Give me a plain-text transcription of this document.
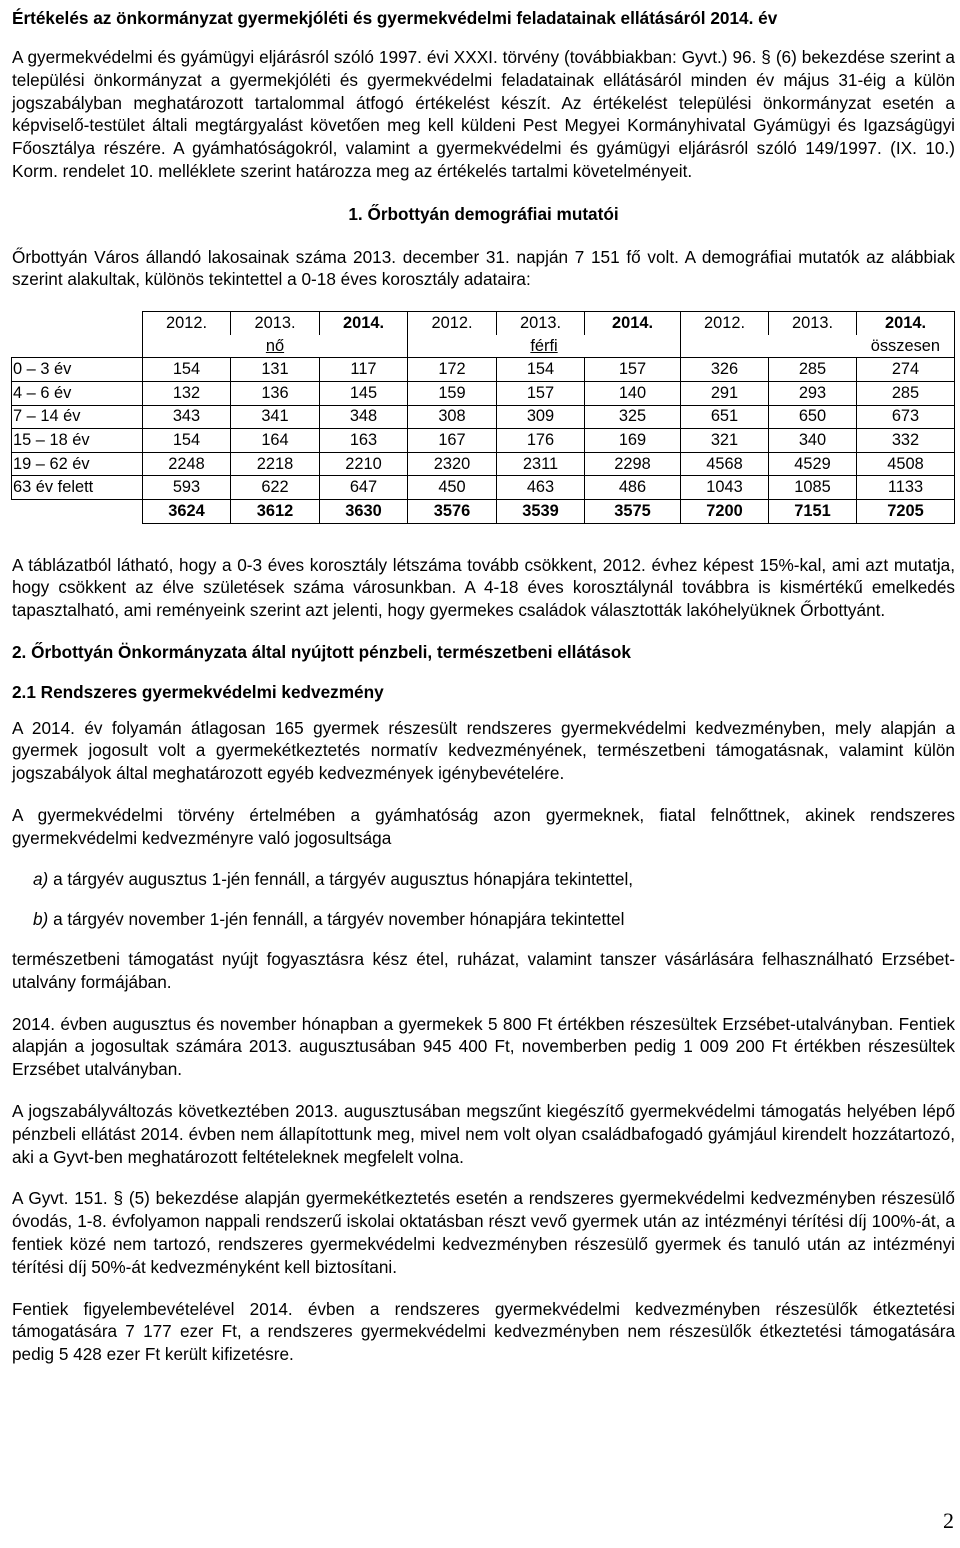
Értékelés az önkormányzat gyermekjóléti és gyermekvédelmi feladatainak ellátásáról 2014. év

A gyermekvédelmi és gyámügyi eljárásról szóló 1997. évi XXXI. törvény (továbbiakban: Gyvt.) 96. § (6) bekezdése szerint a települési önkormányzat a gyermekjóléti és gyermekvédelmi feladatainak ellátásáról minden év május 31-éig a külön jogszabályban meghatározott tartalommal átfogó értékelést készít. Az értékelést települési önkormányzat esetén a képviselő-testület általi megtárgyalást követően meg kell küldeni Pest Megyei Kormányhivatal Gyámügyi és Igazságügyi Főosztálya részére. A gyámhatóságokról, valamint a gyermekvédelmi és gyámügyi eljárásról szóló 149/1997. (IX. 10.) Korm. rendelet 10. melléklete szerint határozza meg az értékelés tartalmi követelményeit.

1. Őrbottyán demográfiai mutatói

Őrbottyán Város állandó lakosainak száma 2013. december 31. napján 7 151 fő volt. A demográfiai mutatók az alábbiak szerint alakultak, különös tekintettel a 0-18 éves korosztály adataira:

	2012.	2013.	2014.	2012.	2013.	2014.	2012.	2013.	2014.
	nő			férfi			összesen		
0 – 3 év	154	131	117	172	154	157	326	285	274
4 – 6 év	132	136	145	159	157	140	291	293	285
7 – 14 év	343	341	348	308	309	325	651	650	673
15 – 18 év	154	164	163	167	176	169	321	340	332
19 – 62 év	2248	2218	2210	2320	2311	2298	4568	4529	4508
63 év felett	593	622	647	450	463	486	1043	1085	1133
	3624	3612	3630	3576	3539	3575	7200	7151	7205

A táblázatból látható, hogy a 0-3 éves korosztály létszáma tovább csökkent, 2012. évhez képest 15%-kal, ami azt mutatja, hogy csökkent az élve születések száma városunkban. A 4-18 éves korosztálynál továbbra is kismértékű emelkedés tapasztalható, ami reményeink szerint azt jelenti, hogy gyermekes családok választották lakóhelyüknek Őrbottyánt.

2. Őrbottyán Önkormányzata által nyújtott pénzbeli, természetbeni ellátások

2.1 Rendszeres gyermekvédelmi kedvezmény

A 2014. év folyamán átlagosan 165 gyermek részesült rendszeres gyermekvédelmi kedvezményben, mely alapján a gyermek jogosult volt a gyermekétkeztetés normatív kedvezményének, természetbeni támogatásnak, valamint külön jogszabályok által meghatározott egyéb kedvezmények igénybevételére.

A gyermekvédelmi törvény értelmében a gyámhatóság azon gyermeknek, fiatal felnőttnek, akinek rendszeres gyermekvédelmi kedvezményre való jogosultsága

a) a tárgyév augusztus 1-jén fennáll, a tárgyév augusztus hónapjára tekintettel,

b) a tárgyév november 1-jén fennáll, a tárgyév november hónapjára tekintettel

természetbeni támogatást nyújt fogyasztásra kész étel, ruházat, valamint tanszer vásárlására felhasználható Erzsébet-utalvány formájában.

2014. évben augusztus és november hónapban a gyermekek 5 800 Ft értékben részesültek Erzsébet-utalványban. Fentiek alapján a jogosultak számára 2013. augusztusában 945 400 Ft, novemberben pedig 1 009 200 Ft értékben részesültek Erzsébet utalványban.

A jogszabályváltozás következtében 2013. augusztusában megszűnt kiegészítő gyermekvédelmi támogatás helyében lépő pénzbeli ellátást 2014. évben nem állapítottunk meg, mivel nem volt olyan családbafogadó gyámjául kirendelt hozzátartozó, aki a Gyvt-ben meghatározott feltételeknek megfelelt volna.

A Gyvt. 151. § (5) bekezdése alapján gyermekétkeztetés esetén a rendszeres gyermekvédelmi kedvezményben részesülő óvodás, 1-8. évfolyamon nappali rendszerű iskolai oktatásban részt vevő gyermek után az intézményi térítési díj 100%-át, a fentiek közé nem tartozó, rendszeres gyermekvédelmi kedvezményben részesülő gyermek és tanuló után az intézményi térítési díj 50%-át kedvezményként kell biztosítani.

Fentiek figyelembevételével 2014. évben a rendszeres gyermekvédelmi kedvezményben részesülők étkeztetési támogatására 7 177 ezer Ft, a rendszeres gyermekvédelmi kedvezményben nem részesülők étkeztetési támogatására pedig 5 428 ezer Ft került kifizetésre.

2
